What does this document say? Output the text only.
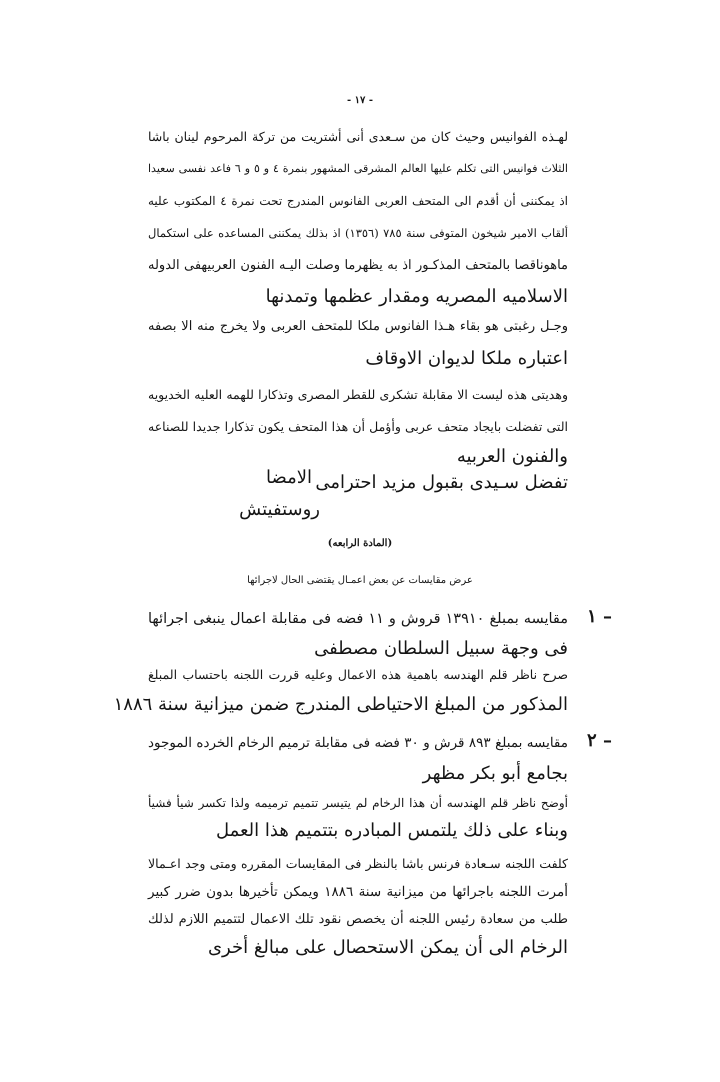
- ١٧ -
لهـذه الفوانيس وحيث كان من سـعدى أنى أشتريت من تركة المرحوم لينان باشا
الثلاث فوانيس التى تكلم عليها العالم المشرقى المشهور بنمرة ٤ و ٥ و ٦ فاعد نفسى سعيدا
اذ يمكننى أن أقدم الى المتحف العربى الفانوس المندرج تحت نمرة ٤ المكتوب عليه
ألقاب الامير شيخون المتوفى سنة ٧٨٥ (١٣٥٦) اذ بذلك يمكننى المساعده على استكمال
ماهوناقصا بالمتحف المذكـور اذ به يظهرما وصلت اليـه الفنون العربيهفى الدوله
الاسلاميه المصريه ومقدار عظمها وتمدنها
وجـل رغبتى هو بقاء هـذا الفانوس ملكا للمتحف العربى ولا يخرج منه الا بصفه
اعتباره ملكا لديوان الاوقاف
وهديتى هذه ليست الا مقابلة تشكرى للقطر المصرى وتذكارا للهمه العليه الخديويه
التى تفضلت بايجاد متحف عربى وأؤمل أن هذا المتحف يكون تذكارا جديدا للصناعه
والفنون العربيه
تفضل سـيدى بقبول مزيد احترامى
الامضا
روستفيتش
(المادة الرابعه)
عرض مقايسات عن بعض اعمـال يقتضى الحال لاجرائها
١ –
مقايسه بمبلغ ١٣٩١٠ قروش و ١١ فضه فى مقابلة اعمال ينبغى اجرائها
فى وجهة سبيل السلطان مصطفى
صرح ناظر قلم الهندسه باهمية هذه الاعمال وعليه قررت اللجنه باحتساب المبلغ
المذكور من المبلغ الاحتياطى المندرج ضمن ميزانية سنة ١٨٨٦
٢ –
مقايسه بمبلغ ٨٩٣ قرش و ٣٠ فضه فى مقابلة ترميم الرخام الخرده الموجود
بجامع أبو بكر مظهر
أوضح ناظر قلم الهندسه أن هذا الرخام لم يتيسر تتميم ترميمه ولذا تكسر شيأ فشيأ
وبناء على ذلك يلتمس المبادره بتتميم هذا العمل
كلفت اللجنه سـعادة فرنس باشا بالنظر فى المقايسات المقرره ومتى وجد اعـمالا
أمرت اللجنه باجرائها من ميزانية سنة ١٨٨٦ ويمكن تأخيرها بدون ضرر كبير
طلب من سعادة رئيس اللجنه أن يخصص نقود تلك الاعمال لتتميم اللازم لذلك
الرخام الى أن يمكن الاستحصال على مبالغ أخرى
